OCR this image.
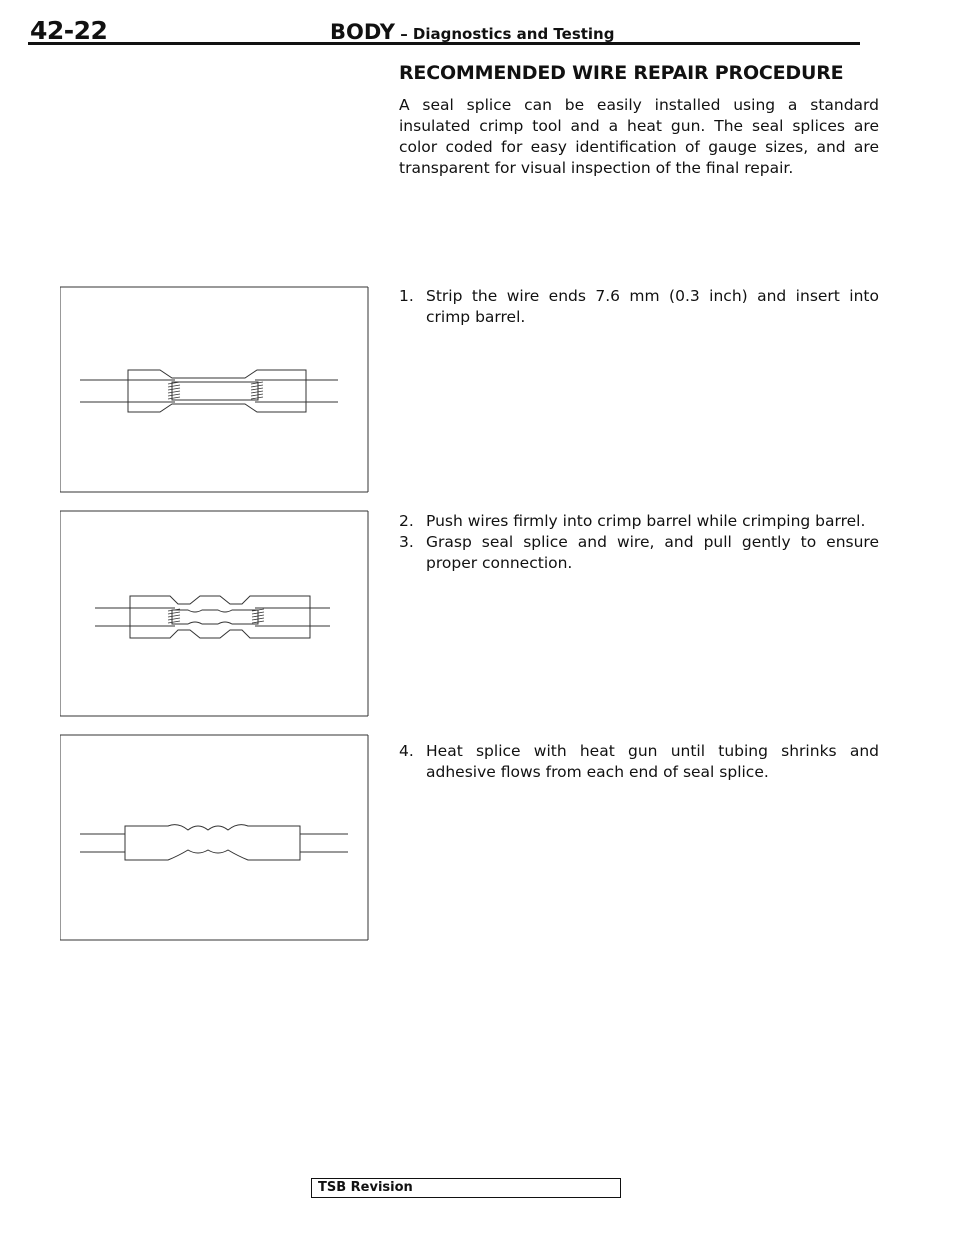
42-22	BODY – Diagnostics and Testing
RECOMMENDED WIRE REPAIR PROCEDURE

A seal splice can be easily installed using a standard insulated crimp tool and a heat gun. The seal splices are color coded for easy identification of gauge sizes, and are transparent for visual inspection of the final repair.

1. Strip the wire ends 7.6 mm (0.3 inch) and insert into crimp barrel.
2. Push wires firmly into crimp barrel while crimping barrel.
3. Grasp seal splice and wire, and pull gently to ensure proper connection.
4. Heat splice with heat gun until tubing shrinks and adhesive flows from each end of seal splice.
TSB Revision
